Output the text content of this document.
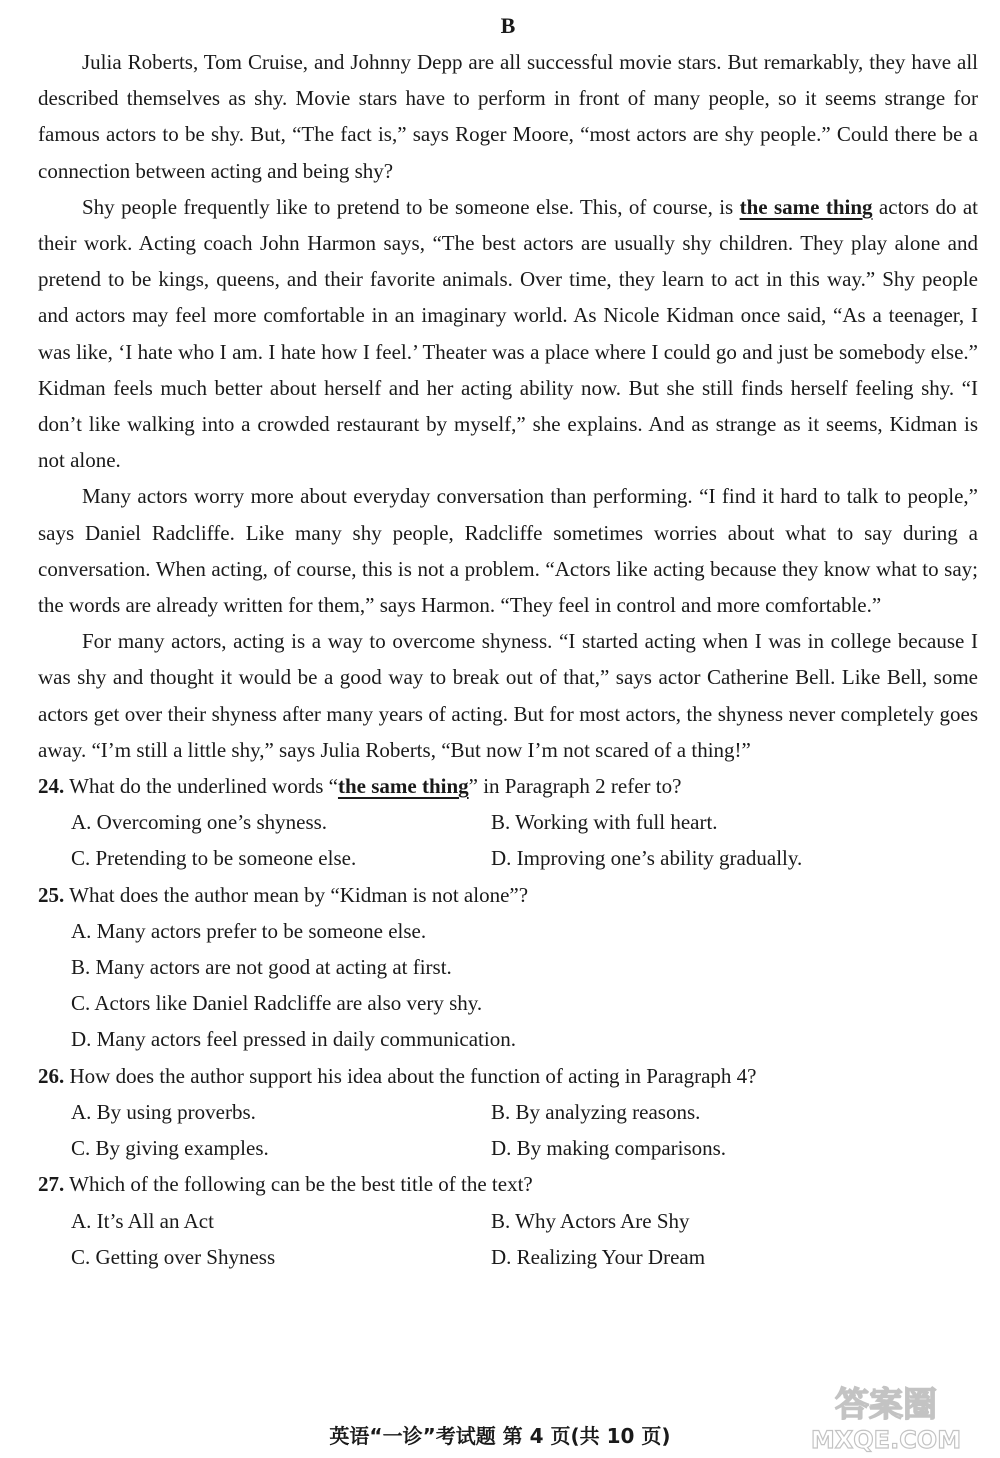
B

Julia Roberts, Tom Cruise, and Johnny Depp are all successful movie stars. But remarkably, they have all described themselves as shy. Movie stars have to perform in front of many people, so it seems strange for famous actors to be shy. But, “The fact is,” says Roger Moore, “most actors are shy people.” Could there be a connection between acting and being shy?

Shy people frequently like to pretend to be someone else. This, of course, is the same thing actors do at their work. Acting coach John Harmon says, “The best actors are usually shy children. They play alone and pretend to be kings, queens, and their favorite animals. Over time, they learn to act in this way.” Shy people and actors may feel more comfortable in an imaginary world. As Nicole Kidman once said, “As a teenager, I was like, ‘I hate who I am. I hate how I feel.’ Theater was a place where I could go and just be somebody else.” Kidman feels much better about herself and her acting ability now. But she still finds herself feeling shy. “I don’t like walking into a crowded restaurant by myself,” she explains. And as strange as it seems, Kidman is not alone.

Many actors worry more about everyday conversation than performing. “I find it hard to talk to people,” says Daniel Radcliffe. Like many shy people, Radcliffe sometimes worries about what to say during a conversation. When acting, of course, this is not a problem. “Actors like acting because they know what to say; the words are already written for them,” says Harmon. “They feel in control and more comfortable.”

For many actors, acting is a way to overcome shyness. “I started acting when I was in college because I was shy and thought it would be a good way to break out of that,” says actor Catherine Bell. Like Bell, some actors get over their shyness after many years of acting. But for most actors, the shyness never completely goes away. “I’m still a little shy,” says Julia Roberts, “But now I’m not scared of a thing!”

24. What do the underlined words “the same thing” in Paragraph 2 refer to?

A. Overcoming one’s shyness.	B. Working with full heart.
C. Pretending to be someone else.	D. Improving one’s ability gradually.

25. What does the author mean by “Kidman is not alone”?

A. Many actors prefer to be someone else.
B. Many actors are not good at acting at first.
C. Actors like Daniel Radcliffe are also very shy.
D. Many actors feel pressed in daily communication.

26. How does the author support his idea about the function of acting in Paragraph 4?

A. By using proverbs.	B. By analyzing reasons.
C. By giving examples.	D. By making comparisons.

27. Which of the following can be the best title of the text?

A. It’s All an Act	B. Why Actors Are Shy
C. Getting over Shyness	D. Realizing Your Dream
英语“一诊”考试题 第 4 页(共 10 页)
答案圈
MXQE.COM
